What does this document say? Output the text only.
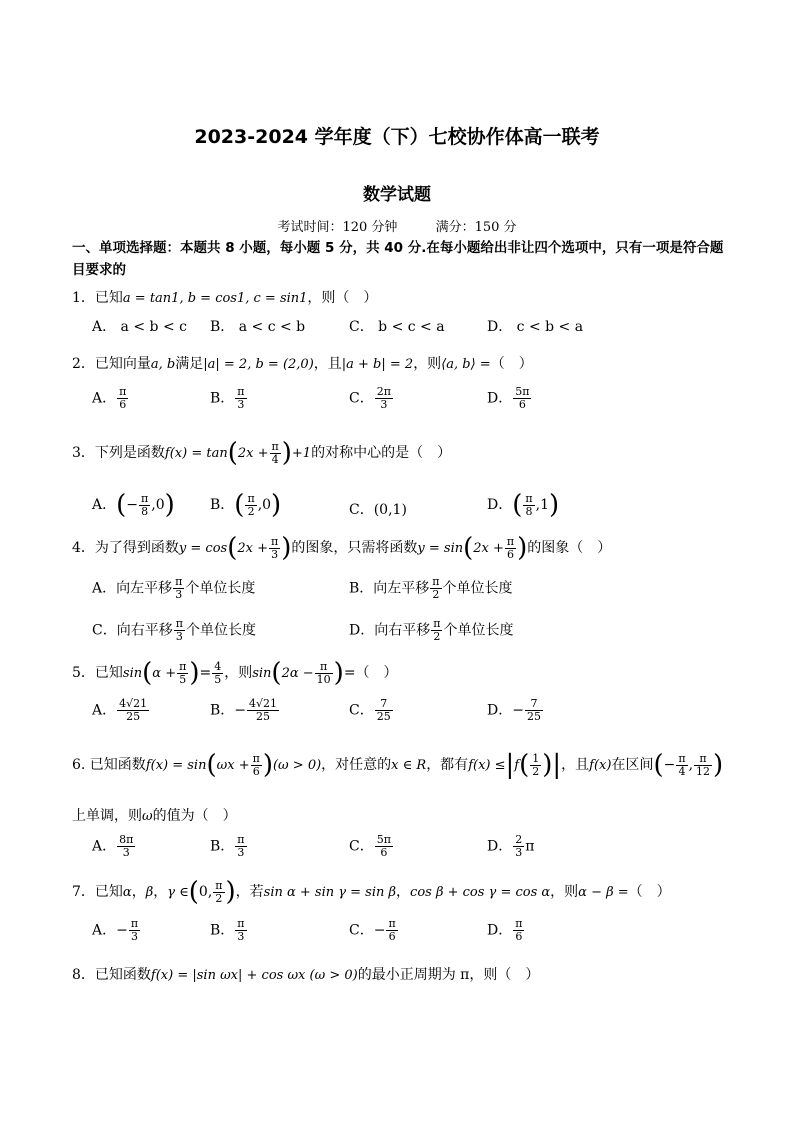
2023-2024 学年度（下）七校协作体高一联考
数学试题
考试时间：120 分钟	满分：150 分
一、单项选择题：本题共 8 小题，每小题 5 分，共 40 分.在每小题给出非让四个选项中，只有一项是符合题目要求的
1．已知a = tan1, b = cos1, c = sin1，则（　）
A． a < b < c B． a < c < b	C． b < c < a	D． c < b < a
2．已知向量a, b满足|a| = 2, b = (2,0)，且|a + b| = 2，则⟨a, b⟩ =（　）
A． $\frac{\pi}{6}$	B． $\frac{\pi}{3}$	C． $\frac{2\pi}{3}$	D． $\frac{5\pi}{6}$
3．下列是函数$f(x) = \tan(2x + \frac{\pi}{4} )+1$的对称中心的是（　）
A．(− $\frac{\pi}{8} ,0$)	B．( $\frac{\pi}{2} ,0$)	C．(0,1)	D．( $\frac{\pi}{8} ,1$)
4．为了得到函数$y = \cos(2x + \frac{\pi}{3}$ )的图象，只需将函数$y = \sin(2x + \frac{\pi}{6}$ )的图象（　）
A．向左平移 $\frac{\pi}{3}$ 个单位长度	B．向左平移 $\frac{\pi}{2}$ 个单位长度
C．向右平移 $\frac{\pi}{3}$ 个单位长度	D．向右平移 $\frac{\pi}{2}$ 个单位长度
5．已知$\sin(\alpha + \frac{\pi}{5}$ )= $\frac{4}{5}$ ，则$\sin(2\alpha - \frac{\pi}{10}$ )=（　）
A． $\frac{4√21}{25}$	B．− $\frac{4√21}{25}$	C． $\frac{7}{25}$	D．− $\frac{7}{25}$
6. 已知函数$f(x) = \sin(\omega x + \frac{\pi}{6} )(\omega > 0)$，对任意的x ∈ R，都有$f(x) \le|f( \frac{1}{2}$ )|，且f(x)在区间(− $\frac{\pi}{4}$ , $\frac{\pi}{12}$ )
上单调，则ω的值为（　）
A． $\frac{8\pi}{3}$	B． $\frac{\pi}{3}$	C． $\frac{5\pi}{6}$	D． $\frac{2}{3}$ π
7．已知α，β，γ ∈(0, $\frac{\pi}{2}$ )，若sin α + sin γ = sin β，cos β + cos γ = cos α，则α − β =（　）
A．− $\frac{\pi}{3}$	B． $\frac{\pi}{3}$	C．− $\frac{\pi}{6}$	D． $\frac{\pi}{6}$
8．已知函数f(x) = |sin ωx| + cos ωx (ω > 0)的最小正周期为 π，则（　）
